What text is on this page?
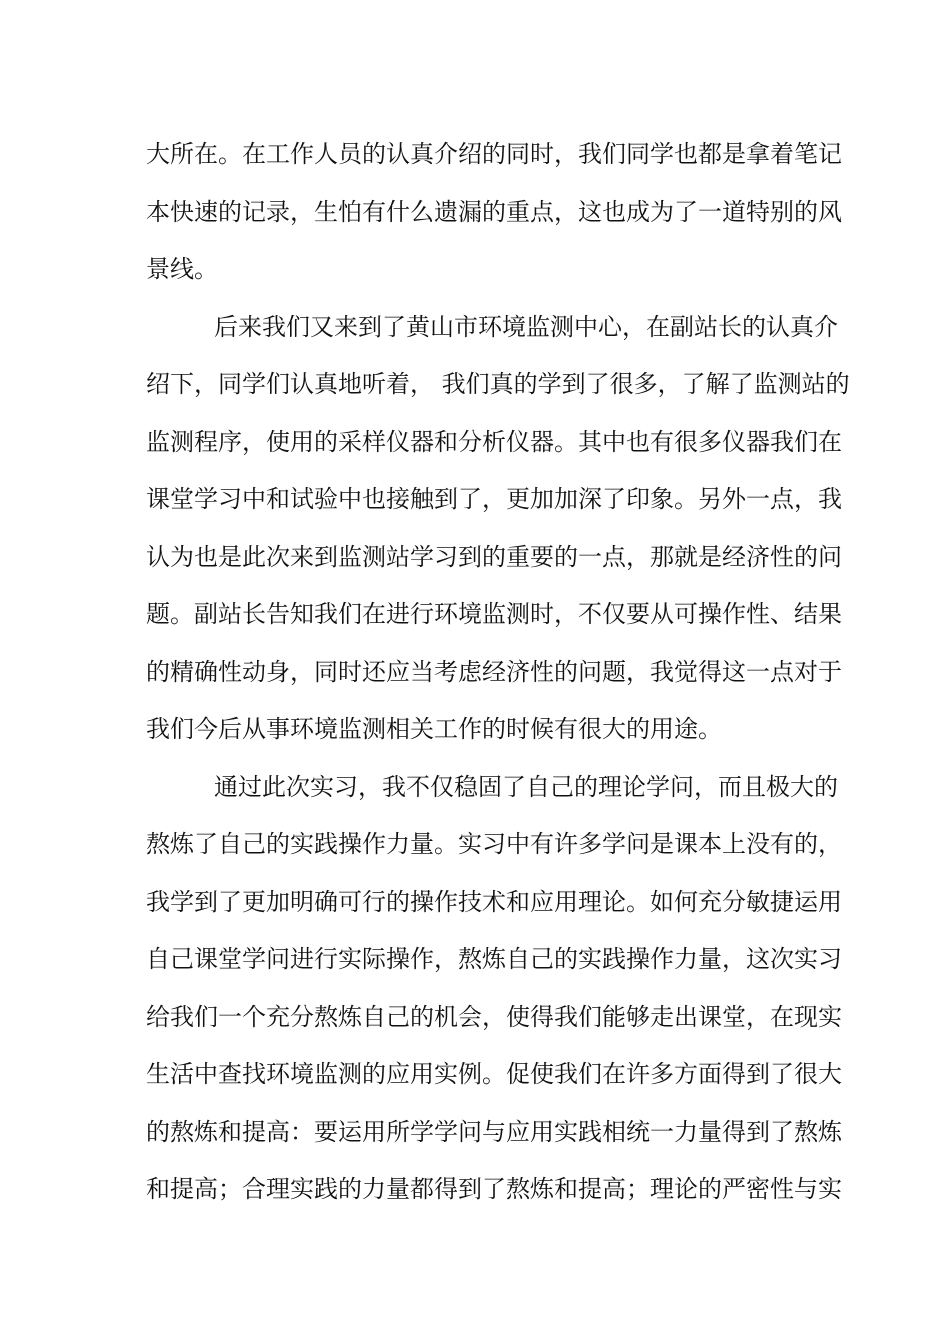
大所在。在工作人员的认真介绍的同时，我们同学也都是拿着笔记
本快速的记录，生怕有什么遗漏的重点，这也成为了一道特别的风
景线。
后来我们又来到了黄山市环境监测中心，在副站长的认真介
绍下，同学们认真地听着， 我们真的学到了很多，了解了监测站的
监测程序，使用的采样仪器和分析仪器。其中也有很多仪器我们在
课堂学习中和试验中也接触到了，更加加深了印象。另外一点，我
认为也是此次来到监测站学习到的重要的一点，那就是经济性的问
题。副站长告知我们在进行环境监测时，不仅要从可操作性、结果
的精确性动身，同时还应当考虑经济性的问题，我觉得这一点对于
我们今后从事环境监测相关工作的时候有很大的用途。
通过此次实习，我不仅稳固了自己的理论学问，而且极大的
熬炼了自己的实践操作力量。实习中有许多学问是课本上没有的，
我学到了更加明确可行的操作技术和应用理论。如何充分敏捷运用
自己课堂学问进行实际操作，熬炼自己的实践操作力量，这次实习
给我们一个充分熬炼自己的机会，使得我们能够走出课堂，在现实
生活中查找环境监测的应用实例。促使我们在许多方面得到了很大
的熬炼和提高：要运用所学学问与应用实践相统一力量得到了熬炼
和提高；合理实践的力量都得到了熬炼和提高；理论的严密性与实
